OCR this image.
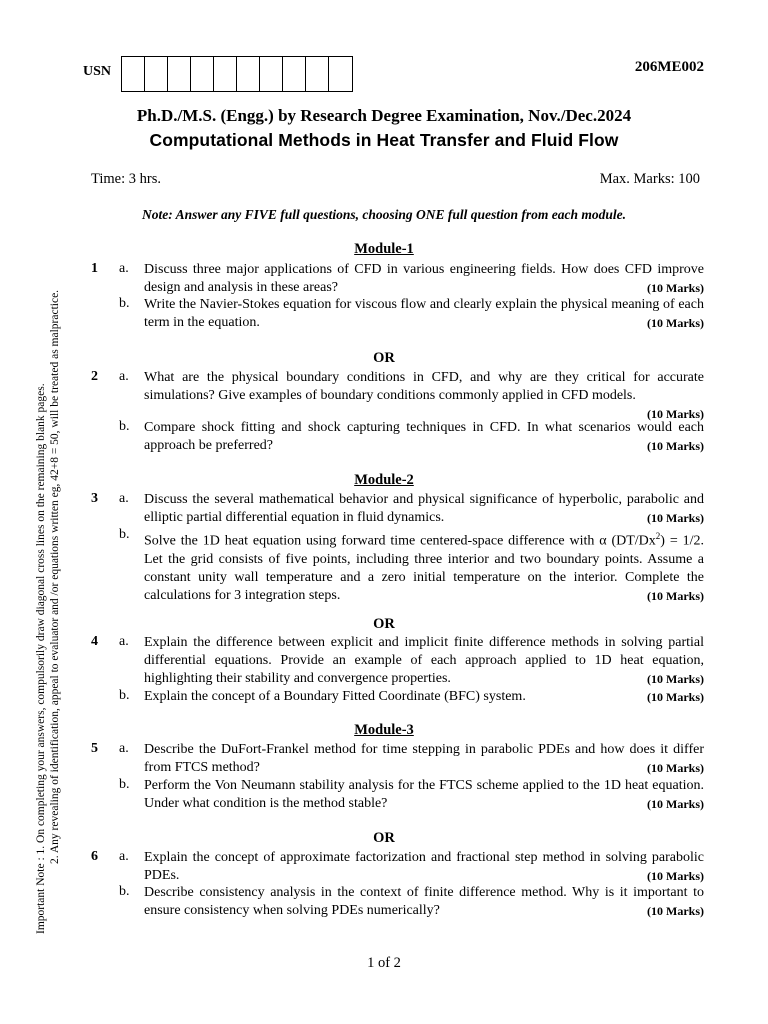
USN	206ME002
Ph.D./M.S. (Engg.) by Research Degree Examination, Nov./Dec.2024
Computational Methods in Heat Transfer and Fluid Flow
Time: 3 hrs.	Max. Marks: 100
Note: Answer any FIVE full questions, choosing ONE full question from each module.
Important Note : 1. On completing your answers, compulsorily draw diagonal cross lines on the remaining blank pages. 2. Any revealing of identification, appeal to evaluator and /or equations written eg, 42+8 = 50, will be treated as malpractice.
Module-1
1 a. Discuss three major applications of CFD in various engineering fields. How does CFD improve design and analysis in these areas?	(10 Marks)
b. Write the Navier-Stokes equation for viscous flow and clearly explain the physical meaning of each term in the equation.	(10 Marks)
OR
2 a. What are the physical boundary conditions in CFD, and why are they critical for accurate simulations? Give examples of boundary conditions commonly applied in CFD models.
(10 Marks)
b. Compare shock fitting and shock capturing techniques in CFD. In what scenarios would each approach be preferred?	(10 Marks)
Module-2
3 a. Discuss the several mathematical behavior and physical significance of hyperbolic, parabolic and elliptic partial differential equation in fluid dynamics.	(10 Marks)
b. Solve the 1D heat equation using forward time centered-space difference with α $(DT/Dx^2) = 1/2$. Let the grid consists of five points, including three interior and two boundary points. Assume a constant unity wall temperature and a zero initial temperature on the interior. Complete the calculations for 3 integration steps.	(10 Marks)
OR
4 a. Explain the difference between explicit and implicit finite difference methods in solving partial differential equations. Provide an example of each approach applied to 1D heat equation, highlighting their stability and convergence properties.	(10 Marks)
b. Explain the concept of a Boundary Fitted Coordinate (BFC) system.	(10 Marks)
Module-3
5 a. Describe the DuFort-Frankel method for time stepping in parabolic PDEs and how does it differ from FTCS method?	(10 Marks)
b. Perform the Von Neumann stability analysis for the FTCS scheme applied to the 1D heat equation. Under what condition is the method stable?	(10 Marks)
OR
6 a. Explain the concept of approximate factorization and fractional step method in solving parabolic PDEs.	(10 Marks)
b. Describe consistency analysis in the context of finite difference method. Why is it important to ensure consistency when solving PDEs numerically?	(10 Marks)
1 of 2
